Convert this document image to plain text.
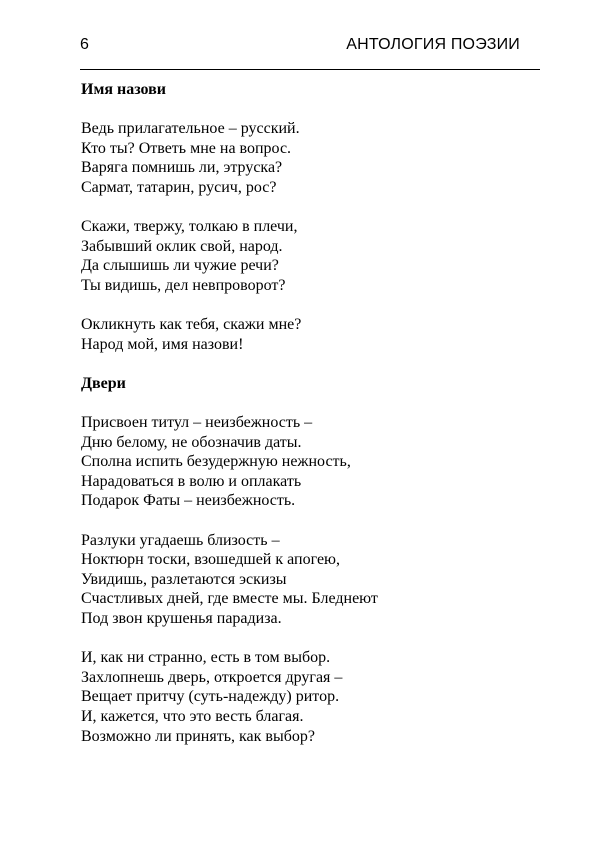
6	АНТОЛОГИЯ ПОЭЗИИ
Имя назови
Ведь прилагательное – русский.
Кто ты? Ответь мне на вопрос.
Варяга помнишь ли, этруска?
Сармат, татарин, русич, рос?
Скажи, твержу, толкаю в плечи,
Забывший оклик свой, народ.
Да слышишь ли чужие речи?
Ты видишь, дел невпроворот?
Окликнуть как тебя, скажи мне?
Народ мой, имя назови!
Двери
Присвоен титул – неизбежность –
Дню белому, не обозначив даты.
Сполна испить безудержную нежность,
Нарадоваться в волю и оплакать
Подарок Фаты – неизбежность.
Разлуки угадаешь близость –
Ноктюрн тоски, взошедшей к апогею,
Увидишь, разлетаются эскизы
Счастливых дней, где вместе мы. Бледнеют
Под звон крушенья парадиза.
И, как ни странно, есть в том выбор.
Захлопнешь дверь, откроется другая –
Вещает притчу (суть-надежду) ритор.
И, кажется, что это весть благая.
Возможно ли принять, как выбор?
